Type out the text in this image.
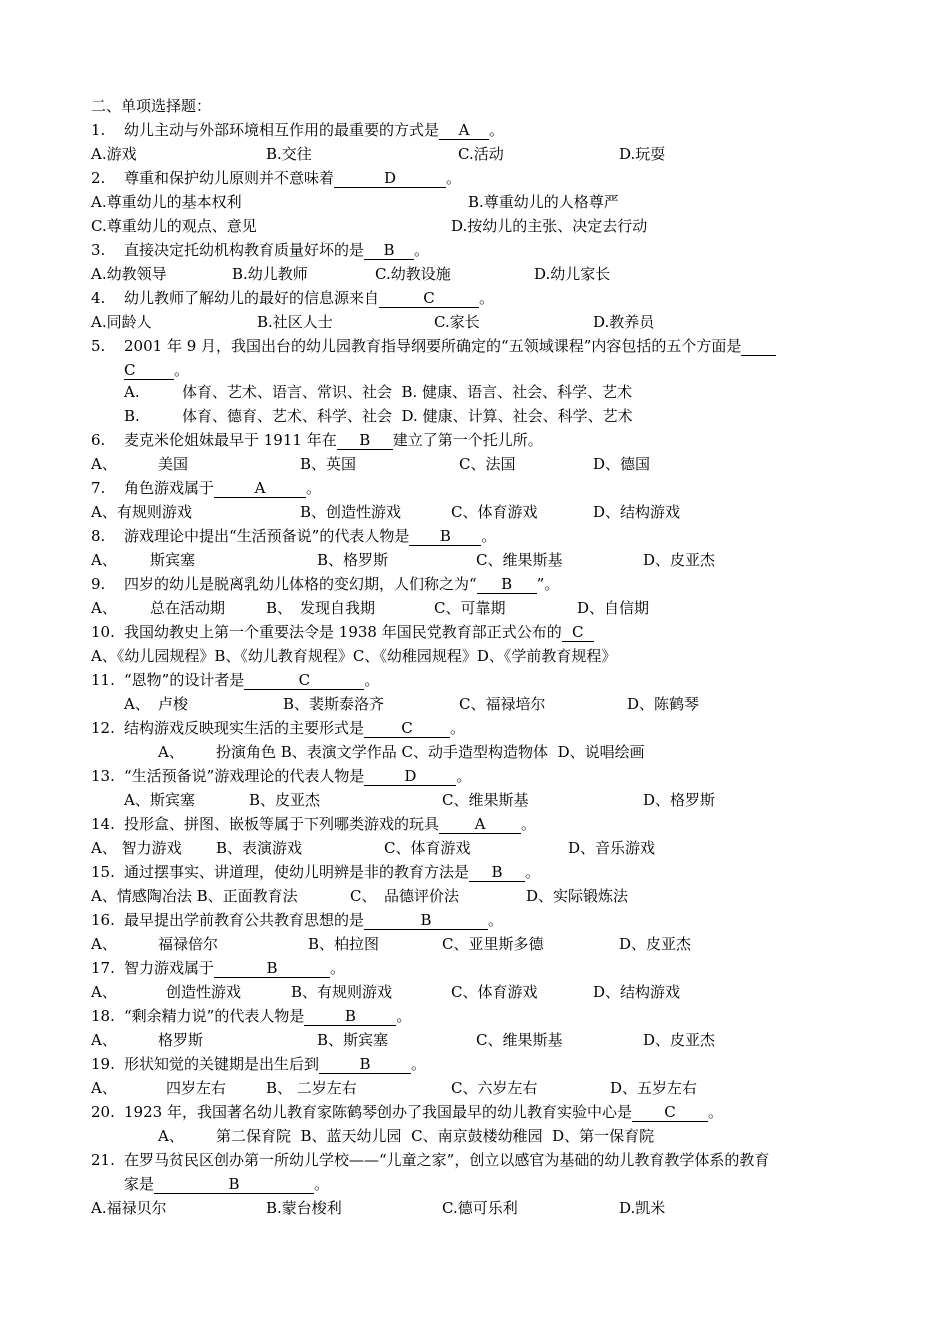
二、单项选择题：
1. 幼儿主动与外部环境相互作用的最重要的方式是 A 。
A.游戏	B.交往	C.活动	D.玩耍
2. 尊重和保护幼儿原则并不意味着	D	。
A.尊重幼儿的基本权利	B.尊重幼儿的人格尊严
C.尊重幼儿的观点、意见	D.按幼儿的主张、决定去行动
3. 直接决定托幼机构教育质量好坏的是 B 。
A.幼教领导	B.幼儿教师	C.幼教设施	D.幼儿家长
4. 幼儿教师了解幼儿的最好的信息源来自	C	。
A.同龄人	B.社区人士	C.家长	D.教养员
5. 2001 年 9 月，我国出台的幼儿园教育指导纲要所确定的“五领域课程”内容包括的五个方面是
C	。
A.	体育、艺术、语言、常识、社会  B. 健康、语言、社会、科学、艺术
B.	体育、德育、艺术、科学、社会  D. 健康、计算、社会、科学、艺术
6. 麦克米伦姐妹最早于 1911 年在 B 建立了第一个托儿所。
A、	美国	B、英国	C、法国	D、德国
7. 角色游戏属于	A	。
A、有规则游戏	B、创造性游戏	C、体育游戏	D、结构游戏
8. 游戏理论中提出“生活预备说”的代表人物是 B 。
A、 斯宾塞	B、格罗斯	C、维果斯基	D、皮亚杰
9. 四岁的幼儿是脱离乳幼儿体格的变幻期，人们称之为“ B ”。
A、 总在活动期	B、 发现自我期	C、可靠期	D、自信期
10. 我国幼教史上第一个重要法令是 1938 年国民党教育部正式公布的 C
A、《幼儿园规程》B、《幼儿教育规程》C、《幼稚园规程》D、《学前教育规程》
11. “恩物”的设计者是	C	。
A、 卢梭	B、裴斯泰洛齐	C、福禄培尔	D、陈鹤琴
12. 结构游戏反映现实生活的主要形式是 C 。
A、 扮演角色 B、表演文学作品 C、动手造型构造物体  D、说唱绘画
13. “生活预备说”游戏理论的代表人物是	D	。
A、斯宾塞	B、皮亚杰	C、维果斯基	D、格罗斯
14. 投形盒、拼图、嵌板等属于下列哪类游戏的玩具 A 。
A、 智力游戏 B、表演游戏	C、体育游戏	D、音乐游戏
15. 通过摆事实、讲道理，使幼儿明辨是非的教育方法是 B 。
A、情感陶冶法 B、正面教育法	C、 品德评价法	D、实际锻炼法
16. 最早提出学前教育公共教育思想的是	B	。
A、	福禄倍尔	B、柏拉图	C、亚里斯多德	D、皮亚杰
17. 智力游戏属于	B	。
A、	创造性游戏	B、有规则游戏	C、体育游戏	D、结构游戏
18. “剩余精力说”的代表人物是	B	。
A、	格罗斯	B、斯宾塞	C、维果斯基	D、皮亚杰
19. 形状知觉的关键期是出生后到	B	。
A、	四岁左右	B、 二岁左右	C、六岁左右	D、五岁左右
20. 1923 年，我国著名幼儿教育家陈鹤琴创办了我国最早的幼儿教育实验中心是 C 。
A、 第二保育院  B、蓝天幼儿园  C、南京鼓楼幼稚园  D、第一保育院
21. 在罗马贫民区创办第一所幼儿学校——“儿童之家”，创立以感官为基础的幼儿教育教学体系的教育
家是	B	。
A.福禄贝尔	B.蒙台梭利	C.德可乐利	D.凯米
